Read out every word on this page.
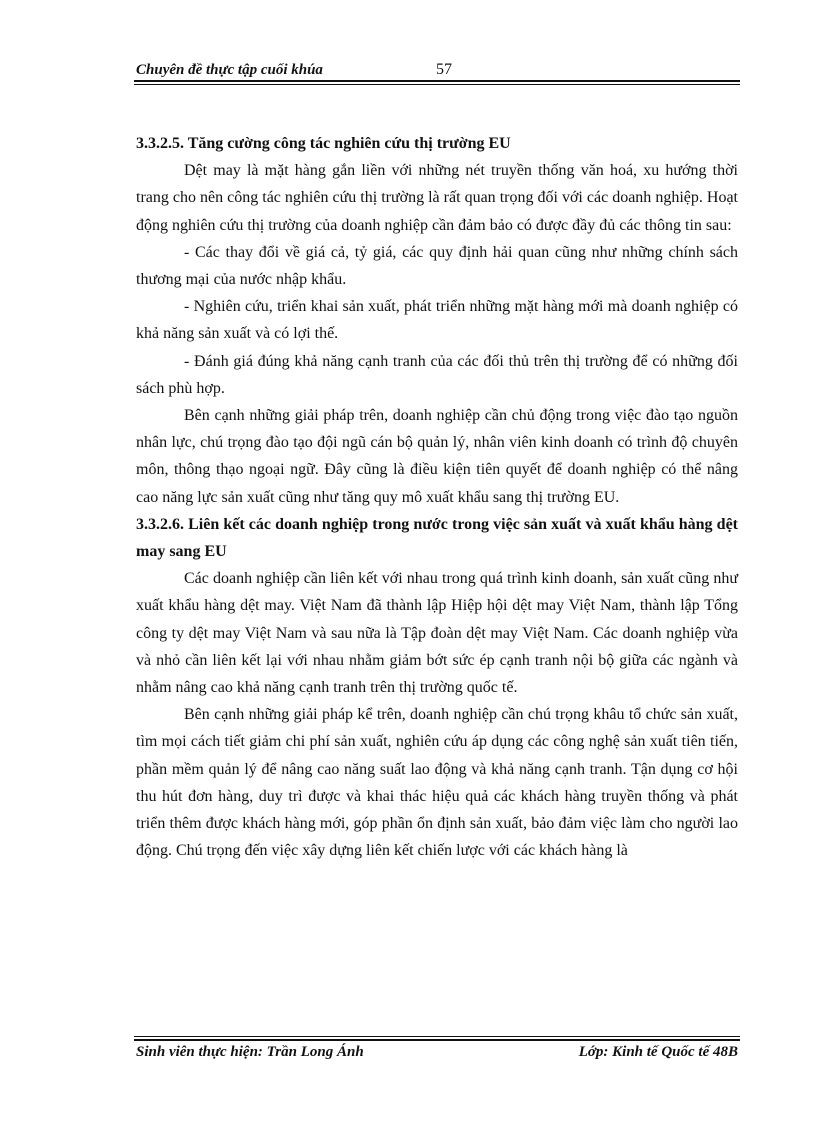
Chuyên đề thực tập cuối khúa	57
3.3.2.5. Tăng cường công tác nghiên cứu thị trường EU

Dệt may là mặt hàng gắn liền với những nét truyền thống văn hoá, xu hướng thời trang cho nên công tác nghiên cứu thị trường là rất quan trọng đối với các doanh nghiệp. Hoạt động nghiên cứu thị trường của doanh nghiệp cần đảm bảo có được đầy đủ các thông tin sau:

- Các thay đổi về giá cả, tỷ giá, các quy định hải quan cũng như những chính sách thương mại của nước nhập khẩu.

- Nghiên cứu, triển khai sản xuất, phát triển những mặt hàng mới mà doanh nghiệp có khả năng sản xuất và có lợi thế.

- Đánh giá đúng khả năng cạnh tranh của các đối thủ trên thị trường để có những đối sách phù hợp.

Bên cạnh những giải pháp trên, doanh nghiệp cần chủ động trong việc đào tạo nguồn nhân lực, chú trọng đào tạo đội ngũ cán bộ quản lý, nhân viên kinh doanh có trình độ chuyên môn, thông thạo ngoại ngữ. Đây cũng là điều kiện tiên quyết để doanh nghiệp có thể nâng cao năng lực sản xuất cũng như tăng quy mô xuất khẩu sang thị trường EU.

3.3.2.6. Liên kết các doanh nghiệp trong nước trong việc sản xuất và xuất khẩu hàng dệt may sang EU

Các doanh nghiệp cần liên kết với nhau trong quá trình kinh doanh, sản xuất cũng như xuất khẩu hàng dệt may. Việt Nam đã thành lập Hiệp hội dệt may Việt Nam, thành lập Tổng công ty dệt may Việt Nam và sau nữa là Tập đoàn dệt may Việt Nam. Các doanh nghiệp vừa và nhỏ cần liên kết lại với nhau nhằm giảm bớt sức ép cạnh tranh nội bộ giữa các ngành và nhằm nâng cao khả năng cạnh tranh trên thị trường quốc tế.

Bên cạnh những giải pháp kể trên, doanh nghiệp cần chú trọng khâu tổ chức sản xuất, tìm mọi cách tiết giảm chi phí sản xuất, nghiên cứu áp dụng các công nghệ sản xuất tiên tiến, phần mềm quản lý để nâng cao năng suất lao động và khả năng cạnh tranh. Tận dụng cơ hội thu hút đơn hàng, duy trì được và khai thác hiệu quả các khách hàng truyền thống và phát triển thêm được khách hàng mới, góp phần ổn định sản xuất, bảo đảm việc làm cho người lao động. Chú trọng đến việc xây dựng liên kết chiến lược với các khách hàng là

Sinh viên thực hiện: Trần Long Ánh	Lớp: Kinh tế Quốc tế 48B
